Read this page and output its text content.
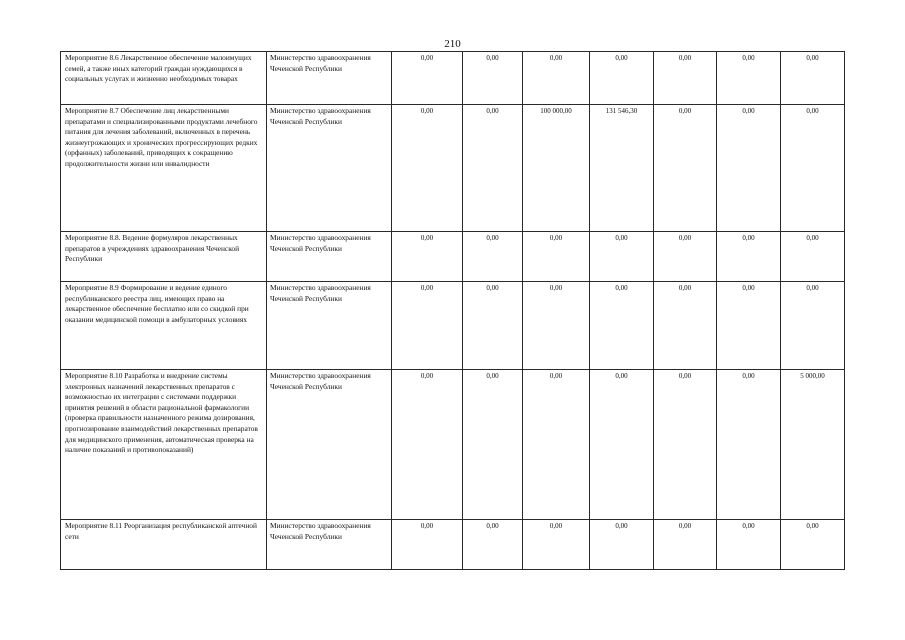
210
Мероприятие 8.6 Лекарственное обеспечение малоимущих семей, а также иных категорий граждан нуждающихся в социальных услугах и жизненно необходимых товарах	Министерство здравоохранения Чеченской Республики	0,00	0,00	0,00	0,00	0,00	0,00	0,00
Мероприятие 8.7 Обеспечение лиц лекарственными препаратами и специализированными продуктами лечебного питания для лечения заболеваний, включенных в перечень жизнеугрожающих и хронических прогрессирующих редких (орфанных) заболеваний, приводящих к сокращению продолжительности жизни или инвалидности	Министерство здравоохранения Чеченской Республики	0,00	0,00	100 000,00	131 546,30	0,00	0,00	0,00
Мероприятие 8.8. Ведение формуляров лекарственных препаратов в учреждениях здравоохранения Чеченской Республики	Министерство здравоохранения Чеченской Республики	0,00	0,00	0,00	0,00	0,00	0,00	0,00
Мероприятие 8.9 Формирование и ведение единого республиканского реестра лиц, имеющих право на лекарственное обеспечение бесплатно или со скидкой при оказании медицинской помощи в амбулаторных условиях	Министерство здравоохранения Чеченской Республики	0,00	0,00	0,00	0,00	0,00	0,00	0,00
Мероприятие 8.10 Разработка и внедрение системы электронных назначений лекарственных препаратов с возможностью их интеграции с системами поддержки принятия решений в области рациональной фармакологии (проверка правильности назначенного режима дозирования, прогнозирование взаимодействий лекарственных препаратов для медицинского применения, автоматическая проверка на наличие показаний и противопоказаний)	Министерство здравоохранения Чеченской Республики	0,00	0,00	0,00	0,00	0,00	0,00	5 000,00
Мероприятие 8.11 Реорганизация республиканской аптечной сети	Министерство здравоохранения Чеченской Республики	0,00	0,00	0,00	0,00	0,00	0,00	0,00
